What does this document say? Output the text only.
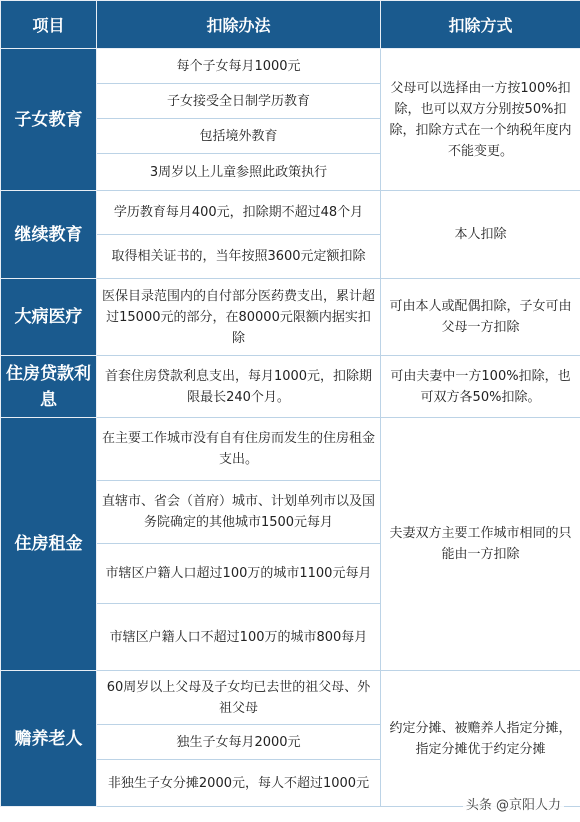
项目	扣除办法	扣除方式
子女教育	每个子女每月1000元	父母可以选择由一方按100%扣除，也可以双方分别按50%扣除，扣除方式在一个纳税年度内不能变更。
	子女接受全日制学历教育	
	包括境外教育	
	3周岁以上儿童参照此政策执行	
继续教育	学历教育每月400元，扣除期不超过48个月	本人扣除
	取得相关证书的，当年按照3600元定额扣除	
大病医疗	医保目录范围内的自付部分医药费支出，累计超过15000元的部分，在80000元限额内据实扣除	可由本人或配偶扣除，子女可由父母一方扣除
住房贷款利息	首套住房贷款利息支出，每月1000元，扣除期限最长240个月。	可由夫妻中一方100%扣除，也可双方各50%扣除。
住房租金	在主要工作城市没有自有住房而发生的住房租金支出。	夫妻双方主要工作城市相同的只能由一方扣除
	直辖市、省会（首府）城市、计划单列市以及国务院确定的其他城市1500元每月	
	市辖区户籍人口超过100万的城市1100元每月	
	市辖区户籍人口不超过100万的城市800每月	
赡养老人	60周岁以上父母及子女均已去世的祖父母、外祖父母	约定分摊、被赡养人指定分摊，指定分摊优于约定分摊
	独生子女每月2000元	
	非独生子女分摊2000元，每人不超过1000元	
头条 @京阳人力
